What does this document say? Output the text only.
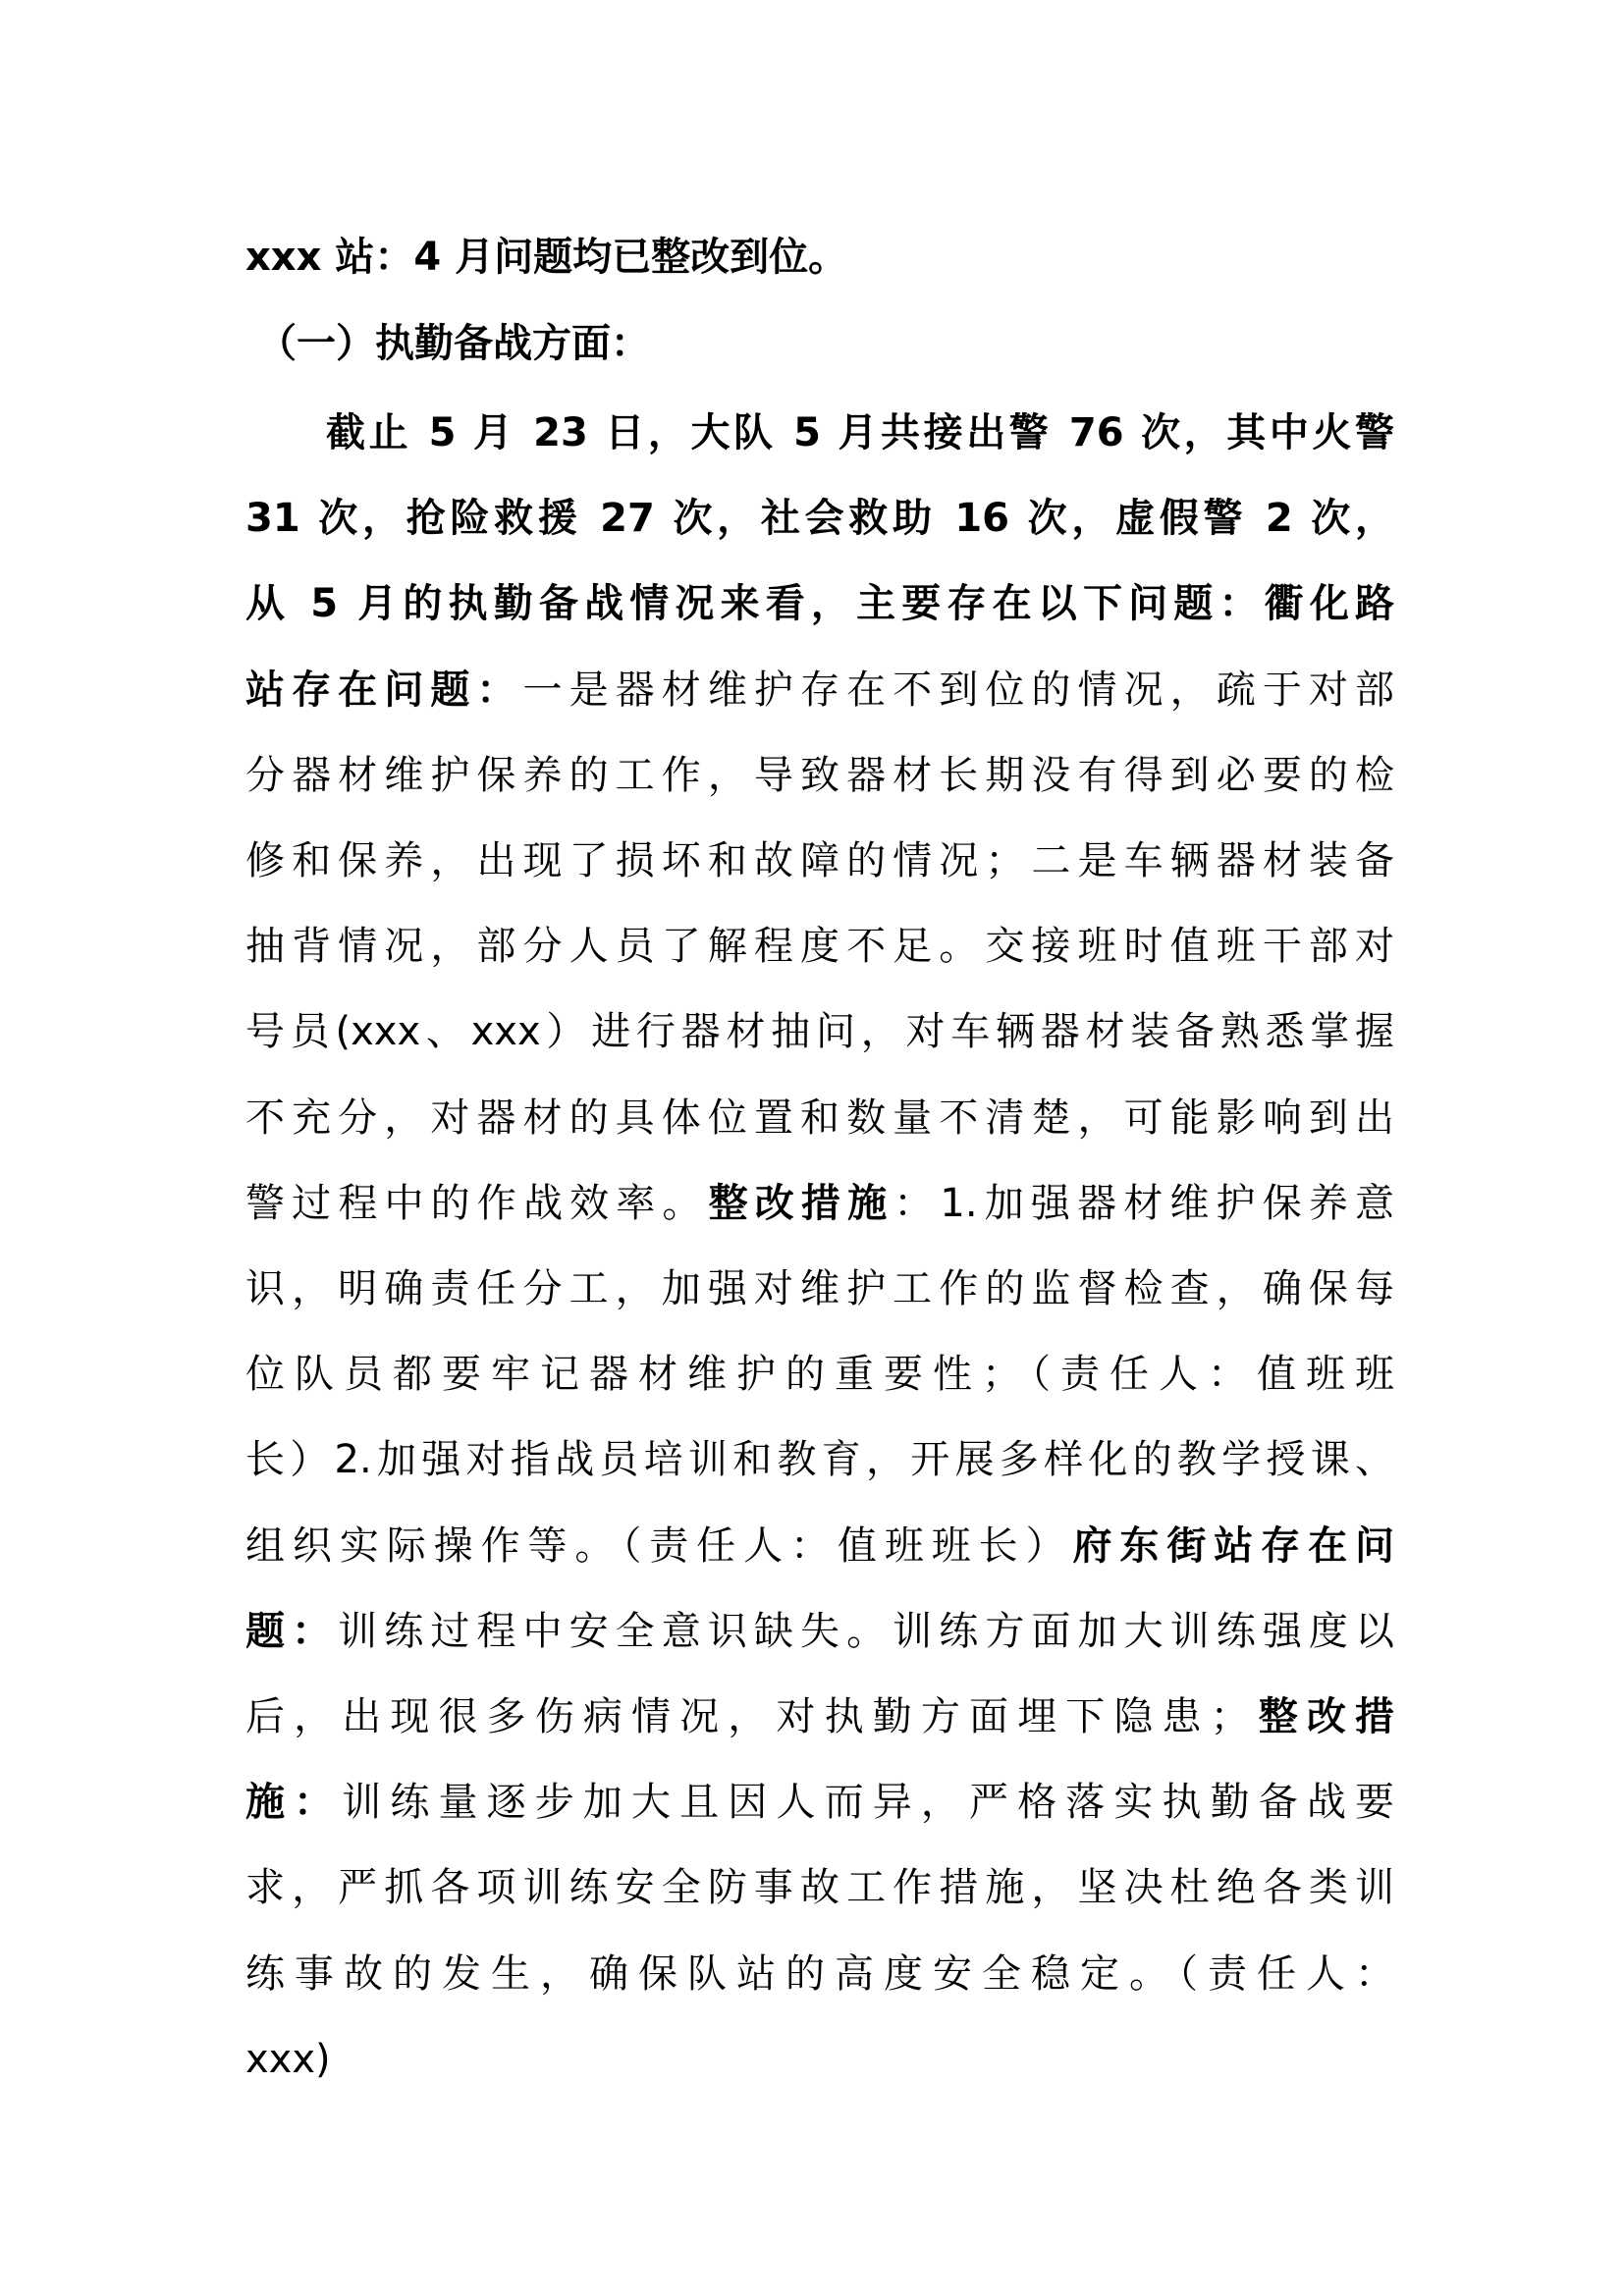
xxx 站：4 月问题均已整改到位。
（一）执勤备战方面：
截止 5 月 23 日，大队 5 月共接出警 76 次，其中火警
31 次，抢险救援 27 次，社会救助 16 次，虚假警 2 次，
从 5 月的执勤备战情况来看，主要存在以下问题：衢化路
站存在问题：一是器材维护存在不到位的情况，疏于对部
分器材维护保养的工作，导致器材长期没有得到必要的检
修和保养，出现了损坏和故障的情况；二是车辆器材装备
抽背情况，部分人员了解程度不足。交接班时值班干部对
号员(xxx、xxx）进行器材抽问，对车辆器材装备熟悉掌握
不充分，对器材的具体位置和数量不清楚，可能影响到出
警过程中的作战效率。整改措施：1.加强器材维护保养意
识，明确责任分工，加强对维护工作的监督检查，确保每
位队员都要牢记器材维护的重要性；（责任人：值班班
长）2.加强对指战员培训和教育，开展多样化的教学授课、
组织实际操作等。（责任人：值班班长）府东街站存在问
题：训练过程中安全意识缺失。训练方面加大训练强度以
后，出现很多伤病情况，对执勤方面埋下隐患；整改措
施：训练量逐步加大且因人而异，严格落实执勤备战要
求，严抓各项训练安全防事故工作措施，坚决杜绝各类训
练事故的发生，确保队站的高度安全稳定。（责任人：
xxx)
